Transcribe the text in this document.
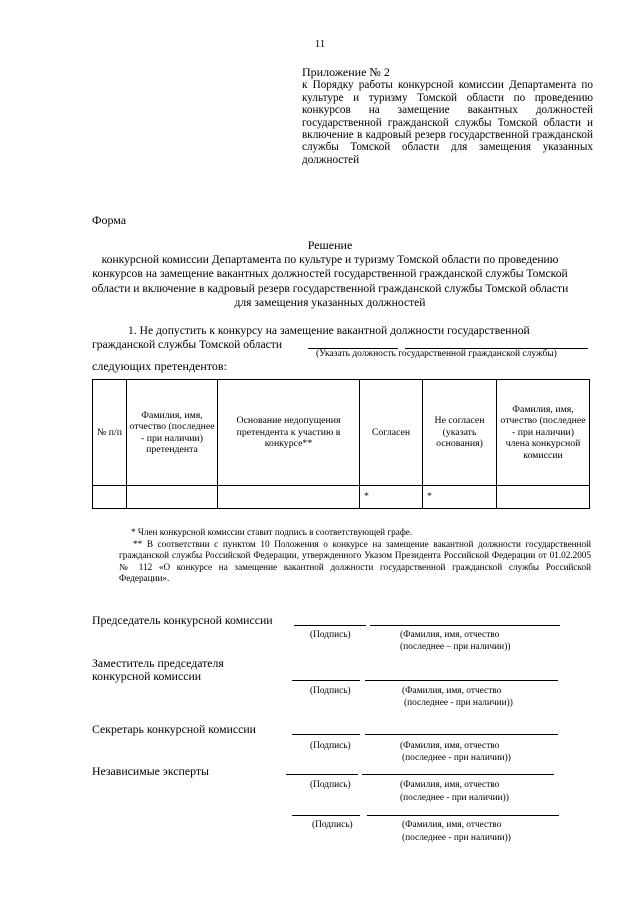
11
Приложение № 2
к Порядку работы конкурсной комиссии Департамента по культуре и туризму Томской области по проведению конкурсов на замещение вакантных должностей государственной гражданской службы Томской области и включение в кадровый резерв государственной гражданской службы Томской области для замещения указанных должностей
Форма
Решение
конкурсной комиссии Департамента по культуре и туризму Томской области по проведению конкурсов на замещение вакантных должностей государственной гражданской службы Томской области и включение в кадровый резерв государственной гражданской службы Томской области для замещения указанных должностей
1. Не допустить к конкурсу на замещение вакантной должности государственной гражданской службы Томской области
(Указать должность государственной гражданской службы)
следующих претендентов:
№ п/п	Фамилия, имя, отчество (последнее - при наличии) претендента	Основание недопущения претендента к участию в конкурсе**	Согласен	Не согласен (указать основания)	Фамилия, имя, отчество (последнее - при наличии) члена конкурсной комиссии
			*	*	
* Член конкурсной комиссии ставит подпись в соответствующей графе.
** В соответствии с пунктом 10 Положения о конкурсе на замещение вакантной должности государственной гражданской службы Российской Федерации, утвержденного Указом Президента Российской Федерации от 01.02.2005 № 112 «О конкурсе на замещение вакантной должности государственной гражданской службы Российской Федерации».
Председатель конкурсной комиссии
(Подпись)	(Фамилия, имя, отчество
(последнее – при наличии))
Заместитель председателя
конкурсной комиссии
(Подпись)	(Фамилия, имя, отчество
(последнее - при наличии))
Секретарь конкурсной комиссии
(Подпись)	(Фамилия, имя, отчество
(последнее - при наличии))
Независимые эксперты
(Подпись)	(Фамилия, имя, отчество
(последнее - при наличии))
(Подпись)	(Фамилия, имя, отчество
(последнее - при наличии))
